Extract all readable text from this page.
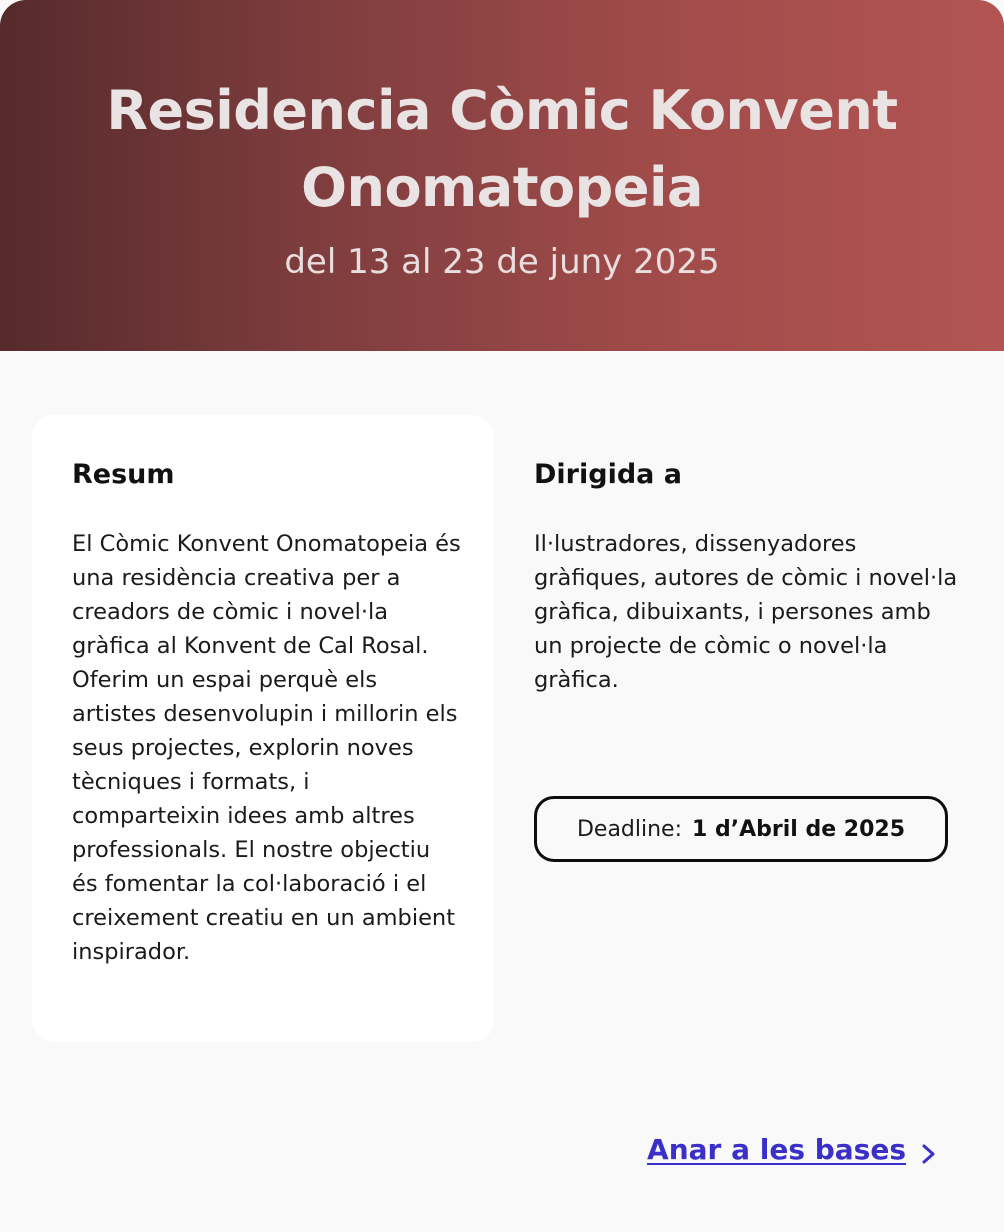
Residencia Còmic Konvent Onomatopeia
del 13 al 23 de juny 2025
Resum
El Còmic Konvent Onomatopeia és una residència creativa per a creadors de còmic i novel·la gràfica al Konvent de Cal Rosal. Oferim un espai perquè els artistes desenvolupin i millorin els seus projectes, explorin noves tècniques i formats, i comparteixin idees amb altres professionals. El nostre objectiu és fomentar la col·laboració i el creixement creatiu en un ambient inspirador.
Dirigida a
Il·lustradores, dissenyadores gràfiques, autores de còmic i novel·la gràfica, dibuixants, i persones amb un projecte de còmic o novel·la gràfica.
Deadline: 1 d’Abril de 2025
Anar a les bases
